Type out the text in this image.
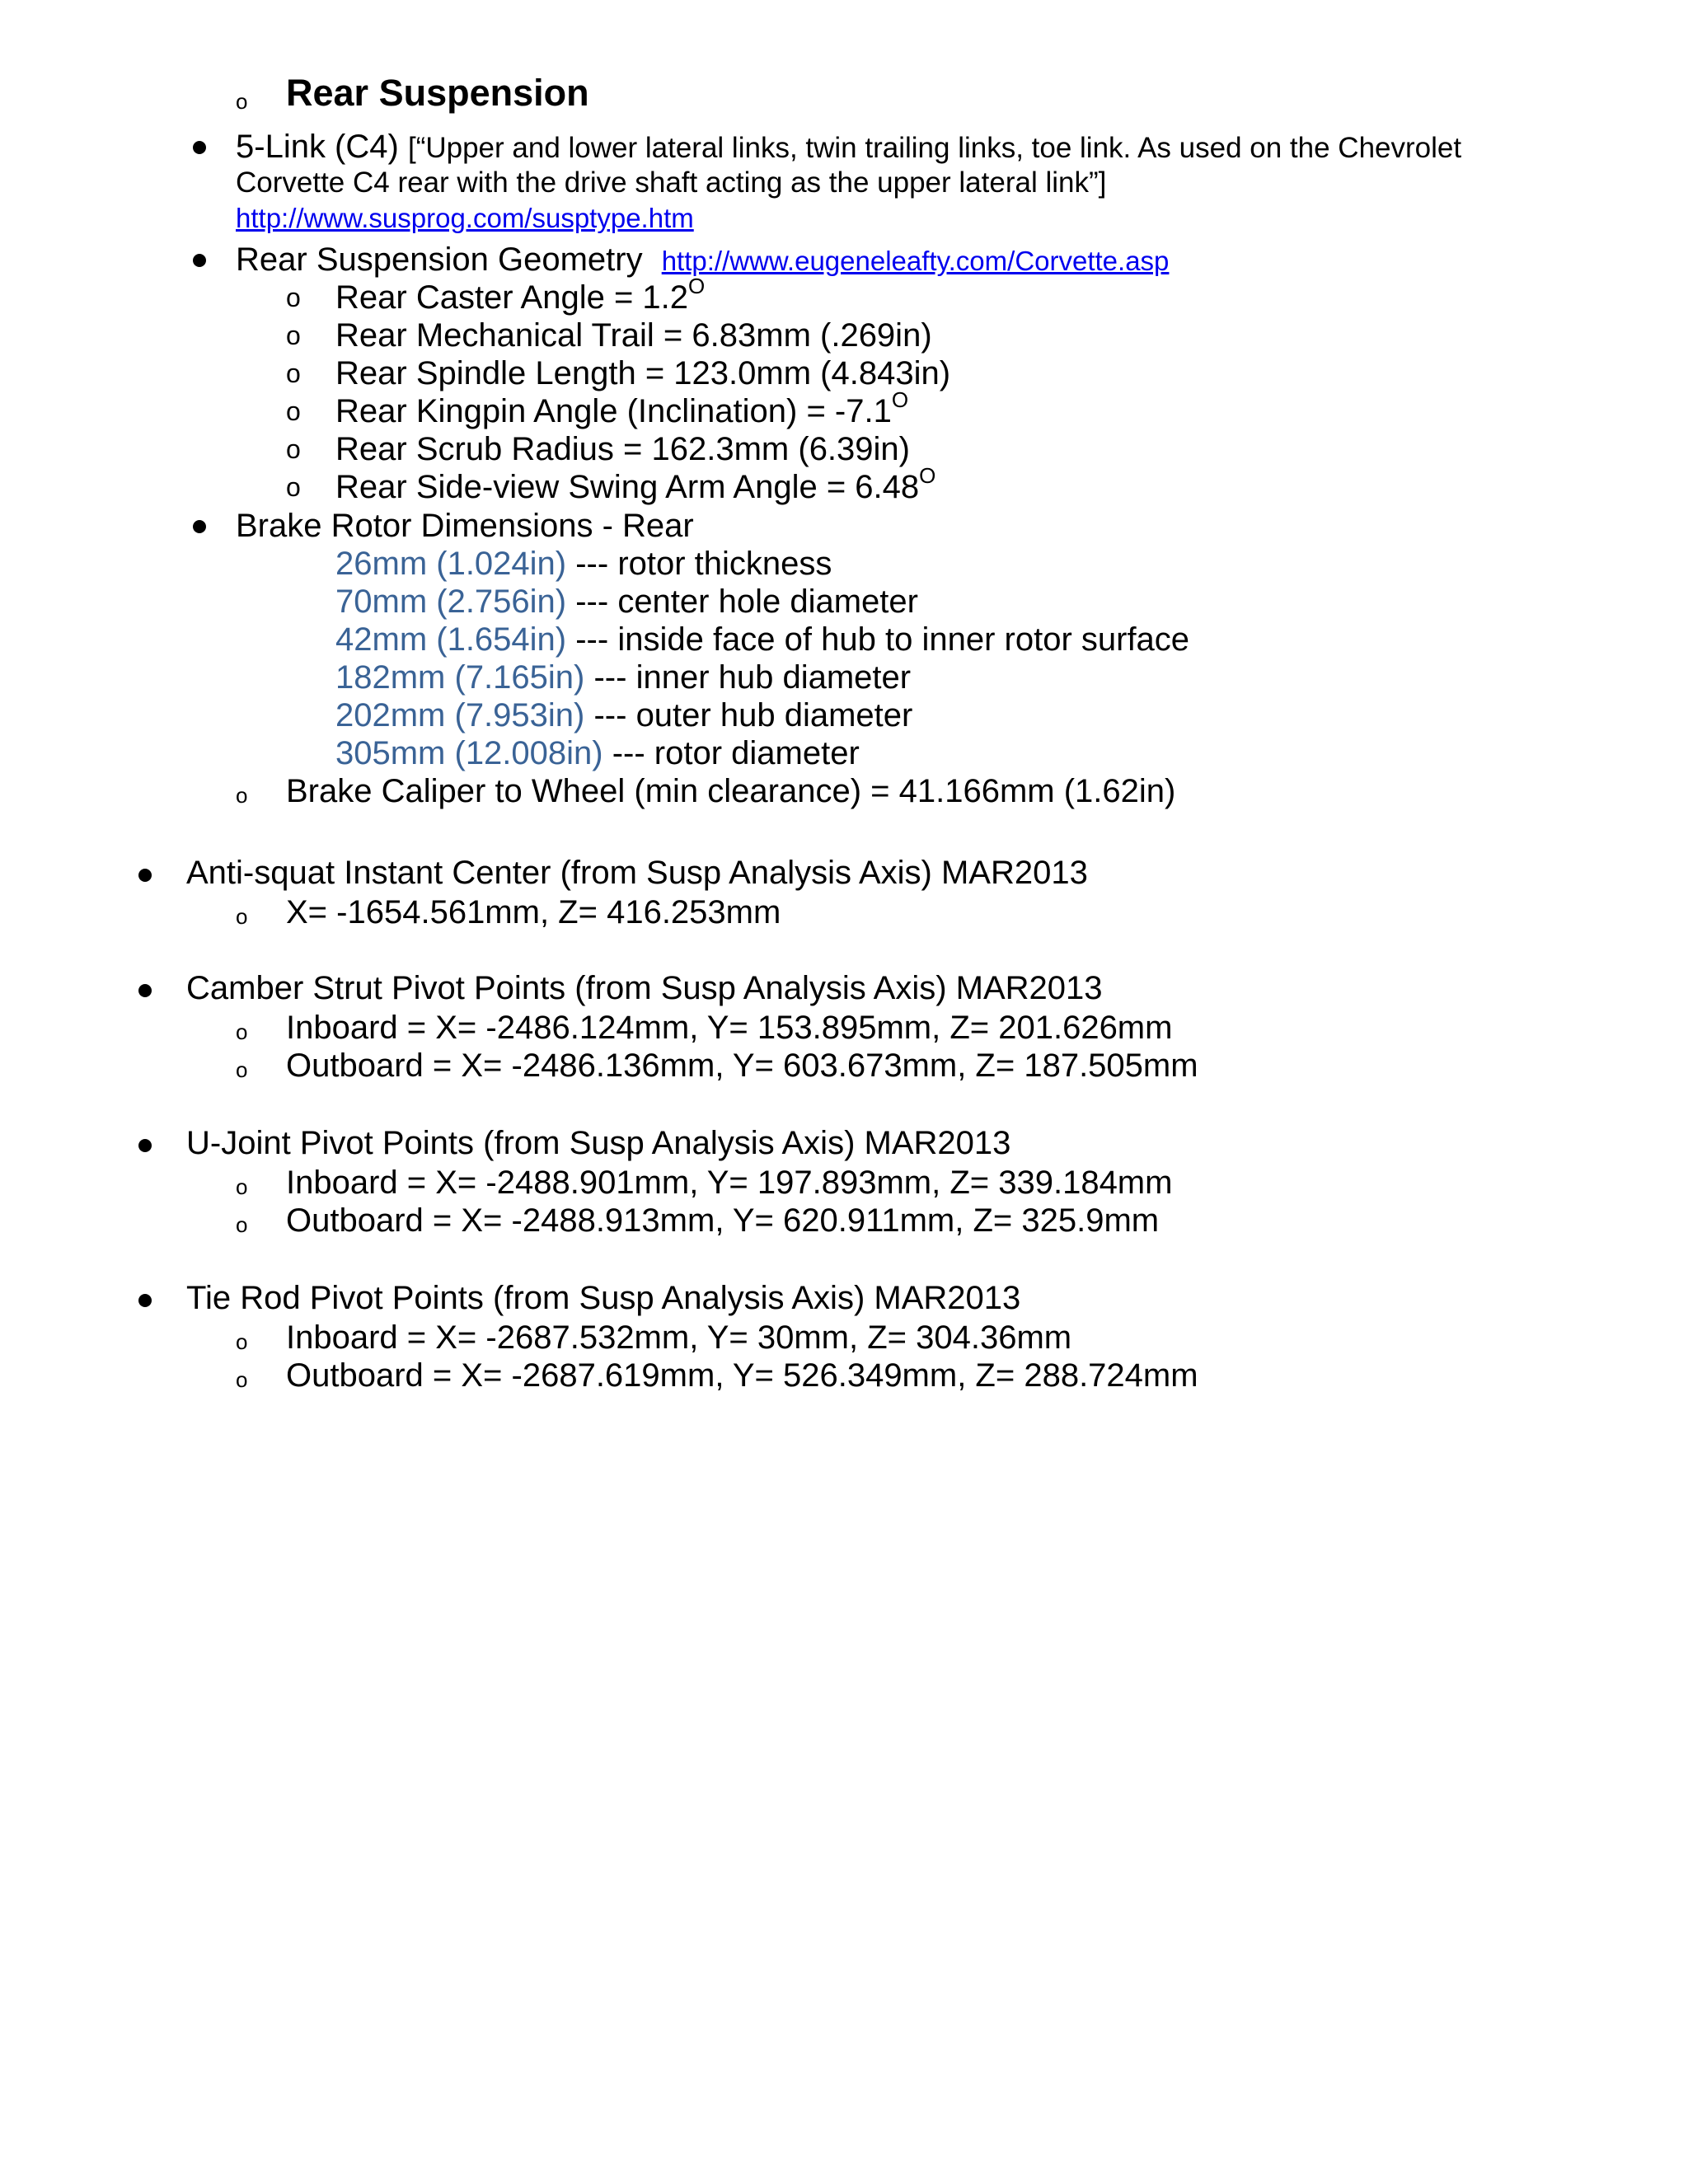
o Rear Suspension
5-Link (C4) [“Upper and lower lateral links, twin trailing links, toe link. As used on the Chevrolet
Corvette C4 rear with the drive shaft acting as the upper lateral link”]
http://www.susprog.com/susptype.htm
Rear Suspension Geometry http://www.eugeneleafty.com/Corvette.asp
o Rear Caster Angle = $1.2^O$
o Rear Mechanical Trail = 6.83mm (.269in)
o Rear Spindle Length = 123.0mm (4.843in)
o Rear Kingpin Angle (Inclination) = $-7.1^O$
o Rear Scrub Radius = 162.3mm (6.39in)
o Rear Side-view Swing Arm Angle = $6.48^O$
Brake Rotor Dimensions - Rear
26mm (1.024in) --- rotor thickness
70mm (2.756in) --- center hole diameter
42mm (1.654in) --- inside face of hub to inner rotor surface
182mm (7.165in) --- inner hub diameter
202mm (7.953in) --- outer hub diameter
305mm (12.008in) --- rotor diameter
o Brake Caliper to Wheel (min clearance) = 41.166mm (1.62in)
Anti-squat Instant Center (from Susp Analysis Axis) MAR2013
o X= -1654.561mm, Z= 416.253mm
Camber Strut Pivot Points (from Susp Analysis Axis) MAR2013
o Inboard = X= -2486.124mm, Y= 153.895mm, Z= 201.626mm
o Outboard = X= -2486.136mm, Y= 603.673mm, Z= 187.505mm
U-Joint Pivot Points (from Susp Analysis Axis) MAR2013
o Inboard = X= -2488.901mm, Y= 197.893mm, Z= 339.184mm
o Outboard = X= -2488.913mm, Y= 620.911mm, Z= 325.9mm
Tie Rod Pivot Points (from Susp Analysis Axis) MAR2013
o Inboard = X= -2687.532mm, Y= 30mm, Z= 304.36mm
o Outboard = X= -2687.619mm, Y= 526.349mm, Z= 288.724mm
